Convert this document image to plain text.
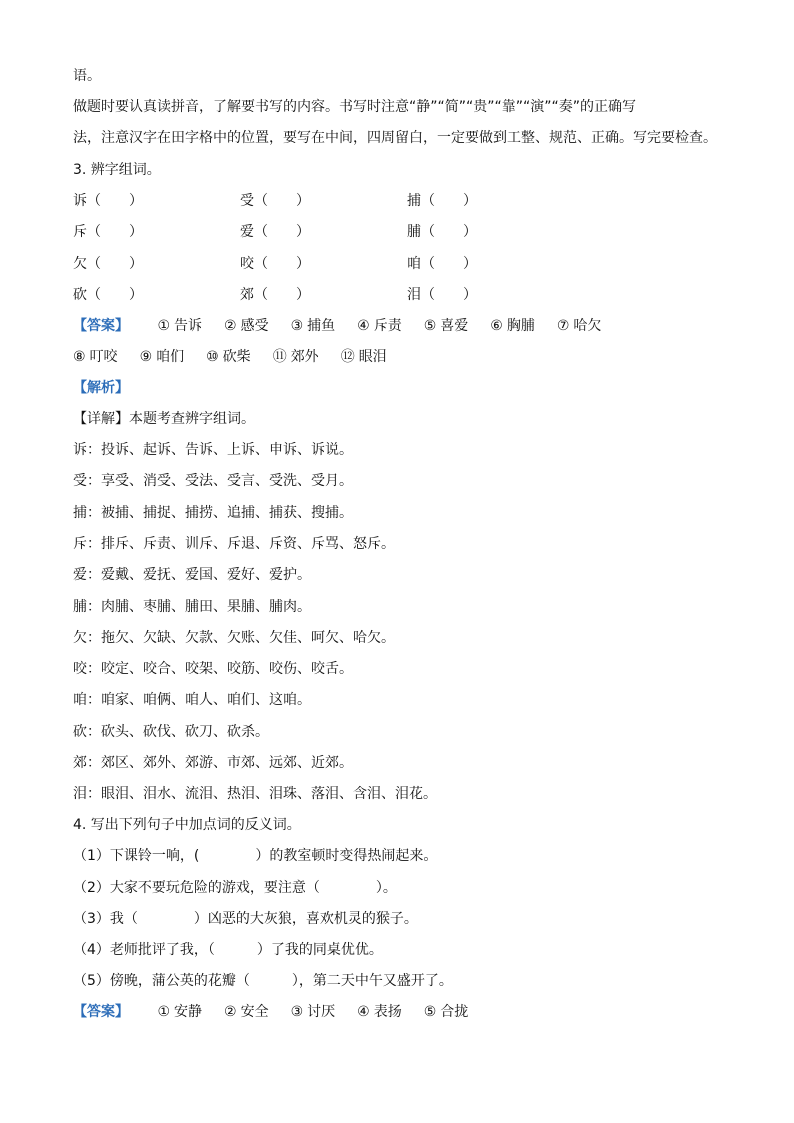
语。
做题时要认真读拼音，了解要书写的内容。书写时注意“静”“简”“贵”“靠”“演”“奏”的正确写
法，注意汉字在田字格中的位置，要写在中间，四周留白，一定要做到工整、规范、正确。写完要检查。
3. 辨字组词。
诉（　　）	受（　　）	捕（　　）
斥（　　）	爱（　　）	脯（　　）
欠（　　）	咬（　　）	咱（　　）
砍（　　）	郊（　　）	泪（　　）
【答案】 ① 告诉 ② 感受 ③ 捕鱼 ④ 斥责 ⑤ 喜爱 ⑥ 胸脯 ⑦ 哈欠
⑧ 叮咬 ⑨ 咱们 ⑩ 砍柴 ⑪ 郊外 ⑫ 眼泪
【解析】
【详解】本题考查辨字组词。
诉：投诉、起诉、告诉、上诉、申诉、诉说。
受：享受、消受、受法、受言、受洗、受月。
捕：被捕、捕捉、捕捞、追捕、捕获、搜捕。
斥：排斥、斥责、训斥、斥退、斥资、斥骂、怒斥。
爱：爱戴、爱抚、爱国、爱好、爱护。
脯：肉脯、枣脯、脯田、果脯、脯肉。
欠：拖欠、欠缺、欠款、欠账、欠佳、呵欠、哈欠。
咬：咬定、咬合、咬架、咬筋、咬伤、咬舌。
咱：咱家、咱俩、咱人、咱们、这咱。
砍：砍头、砍伐、砍刀、砍杀。
郊：郊区、郊外、郊游、市郊、远郊、近郊。
泪：眼泪、泪水、流泪、热泪、泪珠、落泪、含泪、泪花。
4. 写出下列句子中加点词的反义词。
（1）下课铃一响，(　　　　）的教室顿时变得热闹起来。
（2）大家不要玩危险的游戏，要注意（　　　　）。
（3）我（　　　　）凶恶的大灰狼，喜欢机灵的猴子。
（4）老师批评了我，（　　　）了我的同桌优优。
（5）傍晚，蒲公英的花瓣（　　　），第二天中午又盛开了。
【答案】 ① 安静 ② 安全 ③ 讨厌 ④ 表扬 ⑤ 合拢
